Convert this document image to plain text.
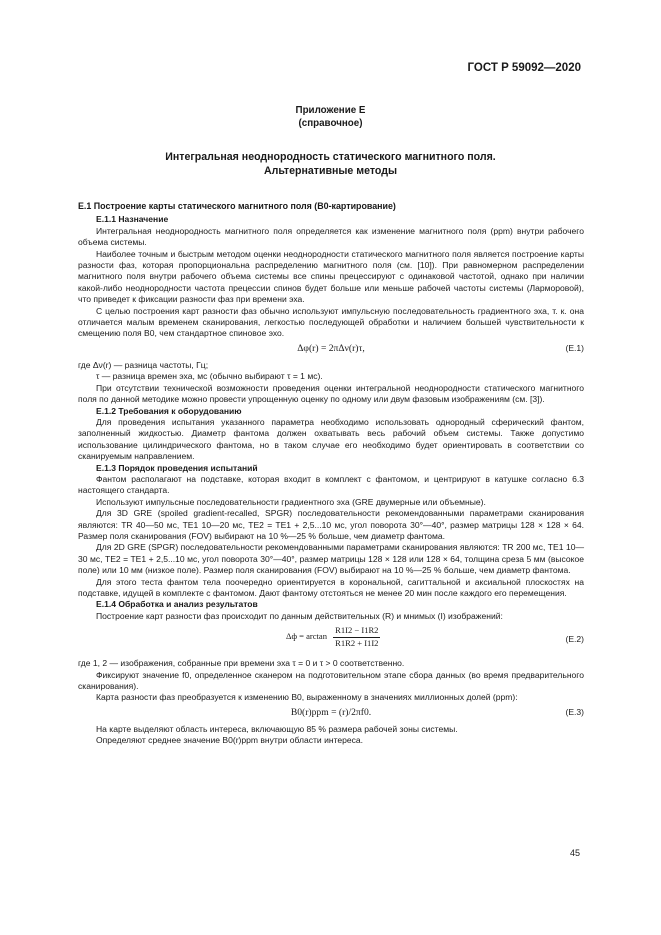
ГОСТ Р 59092—2020
Приложение Е
(справочное)
Интегральная неоднородность статического магнитного поля.
Альтернативные методы

E.1 Построение карты статического магнитного поля (B0-картирование)

E.1.1 Назначение

Интегральная неоднородность магнитного поля определяется как изменение магнитного поля (ppm) внутри рабочего объема системы.

Наиболее точным и быстрым методом оценки неоднородности статического магнитного поля является построение карты разности фаз, которая пропорциональна распределению магнитного поля (см. [10]). При равномерном распределении магнитного поля внутри рабочего объема системы все спины прецессируют с одинаковой частотой, однако при наличии какой-либо неоднородности частота прецессии спинов будет больше или меньше рабочей частоты системы (Ларморовой), что приведет к фиксации разности фаз при времени эха.

С целью построения карт разности фаз обычно используют импульсную последовательность градиентного эха, т. к. она отличается малым временем сканирования, легкостью последующей обработки и наличием большей чувствительности к смещению поля B0, чем стандартное спиновое эхо.

Δφ(r) = 2πΔν(r)τ,	(Е.1)

где Δν(r) — разница частоты, Гц;

τ — разница времен эха, мс (обычно выбирают τ = 1 мс).

При отсутствии технической возможности проведения оценки интегральной неоднородности статического магнитного поля по данной методике можно провести упрощенную оценку по одному или двум фазовым изображениям (см. [3]).

E.1.2 Требования к оборудованию

Для проведения испытания указанного параметра необходимо использовать однородный сферический фантом, заполненный жидкостью. Диаметр фантома должен охватывать весь рабочий объем системы. Также допустимо использование цилиндрического фантома, но в таком случае его необходимо будет ориентировать в соответствии со сканируемым направлением.

E.1.3 Порядок проведения испытаний

Фантом располагают на подставке, которая входит в комплект с фантомом, и центрируют в катушке согласно 6.3 настоящего стандарта.

Используют импульсные последовательности градиентного эха (GRE двумерные или объемные).

Для 3D GRE (spoiled gradient-recalled, SPGR) последовательности рекомендованными параметрами сканирования являются: TR 40—50 мс, TE1 10—20 мс, TE2 = TE1 + 2,5...10 мс, угол поворота 30°—40°, размер матрицы 128 × 128 × 64. Размер поля сканирования (FOV) выбирают на 10 %—25 % больше, чем диаметр фантома.

Для 2D GRE (SPGR) последовательности рекомендованными параметрами сканирования являются: TR 200 мс, TE1 10—30 мс, TE2 = TE1 + 2,5...10 мс, угол поворота 30°—40°, размер матрицы 128 × 128 или 128 × 64, толщина среза 5 мм (высокое поле) или 10 мм (низкое поле). Размер поля сканирования (FOV) выбирают на 10 %—25 % больше, чем диаметр фантома.

Для этого теста фантом тела поочередно ориентируется в корональной, сагиттальной и аксиальной плоскостях на подставке, идущей в комплекте с фантомом. Дают фантому отстояться не менее 20 мин после каждого его перемещения.

E.1.4 Обработка и анализ результатов

Построение карт разности фаз происходит по данным действительных (R) и мнимых (I) изображений:

$\Delta ф = \arctan \frac{R1I2 - I1R2}{R1R2 + I1I2}$	(Е.2)

где 1, 2 — изображения, собранные при времени эха τ = 0 и τ > 0 соответственно.

Фиксируют значение f0, определенное сканером на подготовительном этапе сбора данных (во время предварительного сканирования).

Карта разности фаз преобразуется к изменению B0, выраженному в значениях миллионных долей (ppm):

B0(r)ppm = (r)/2πf0.	(Е.3)

На карте выделяют область интереса, включающую 85 % размера рабочей зоны системы.

Определяют среднее значение B0(r)ppm внутри области интереса.

45
